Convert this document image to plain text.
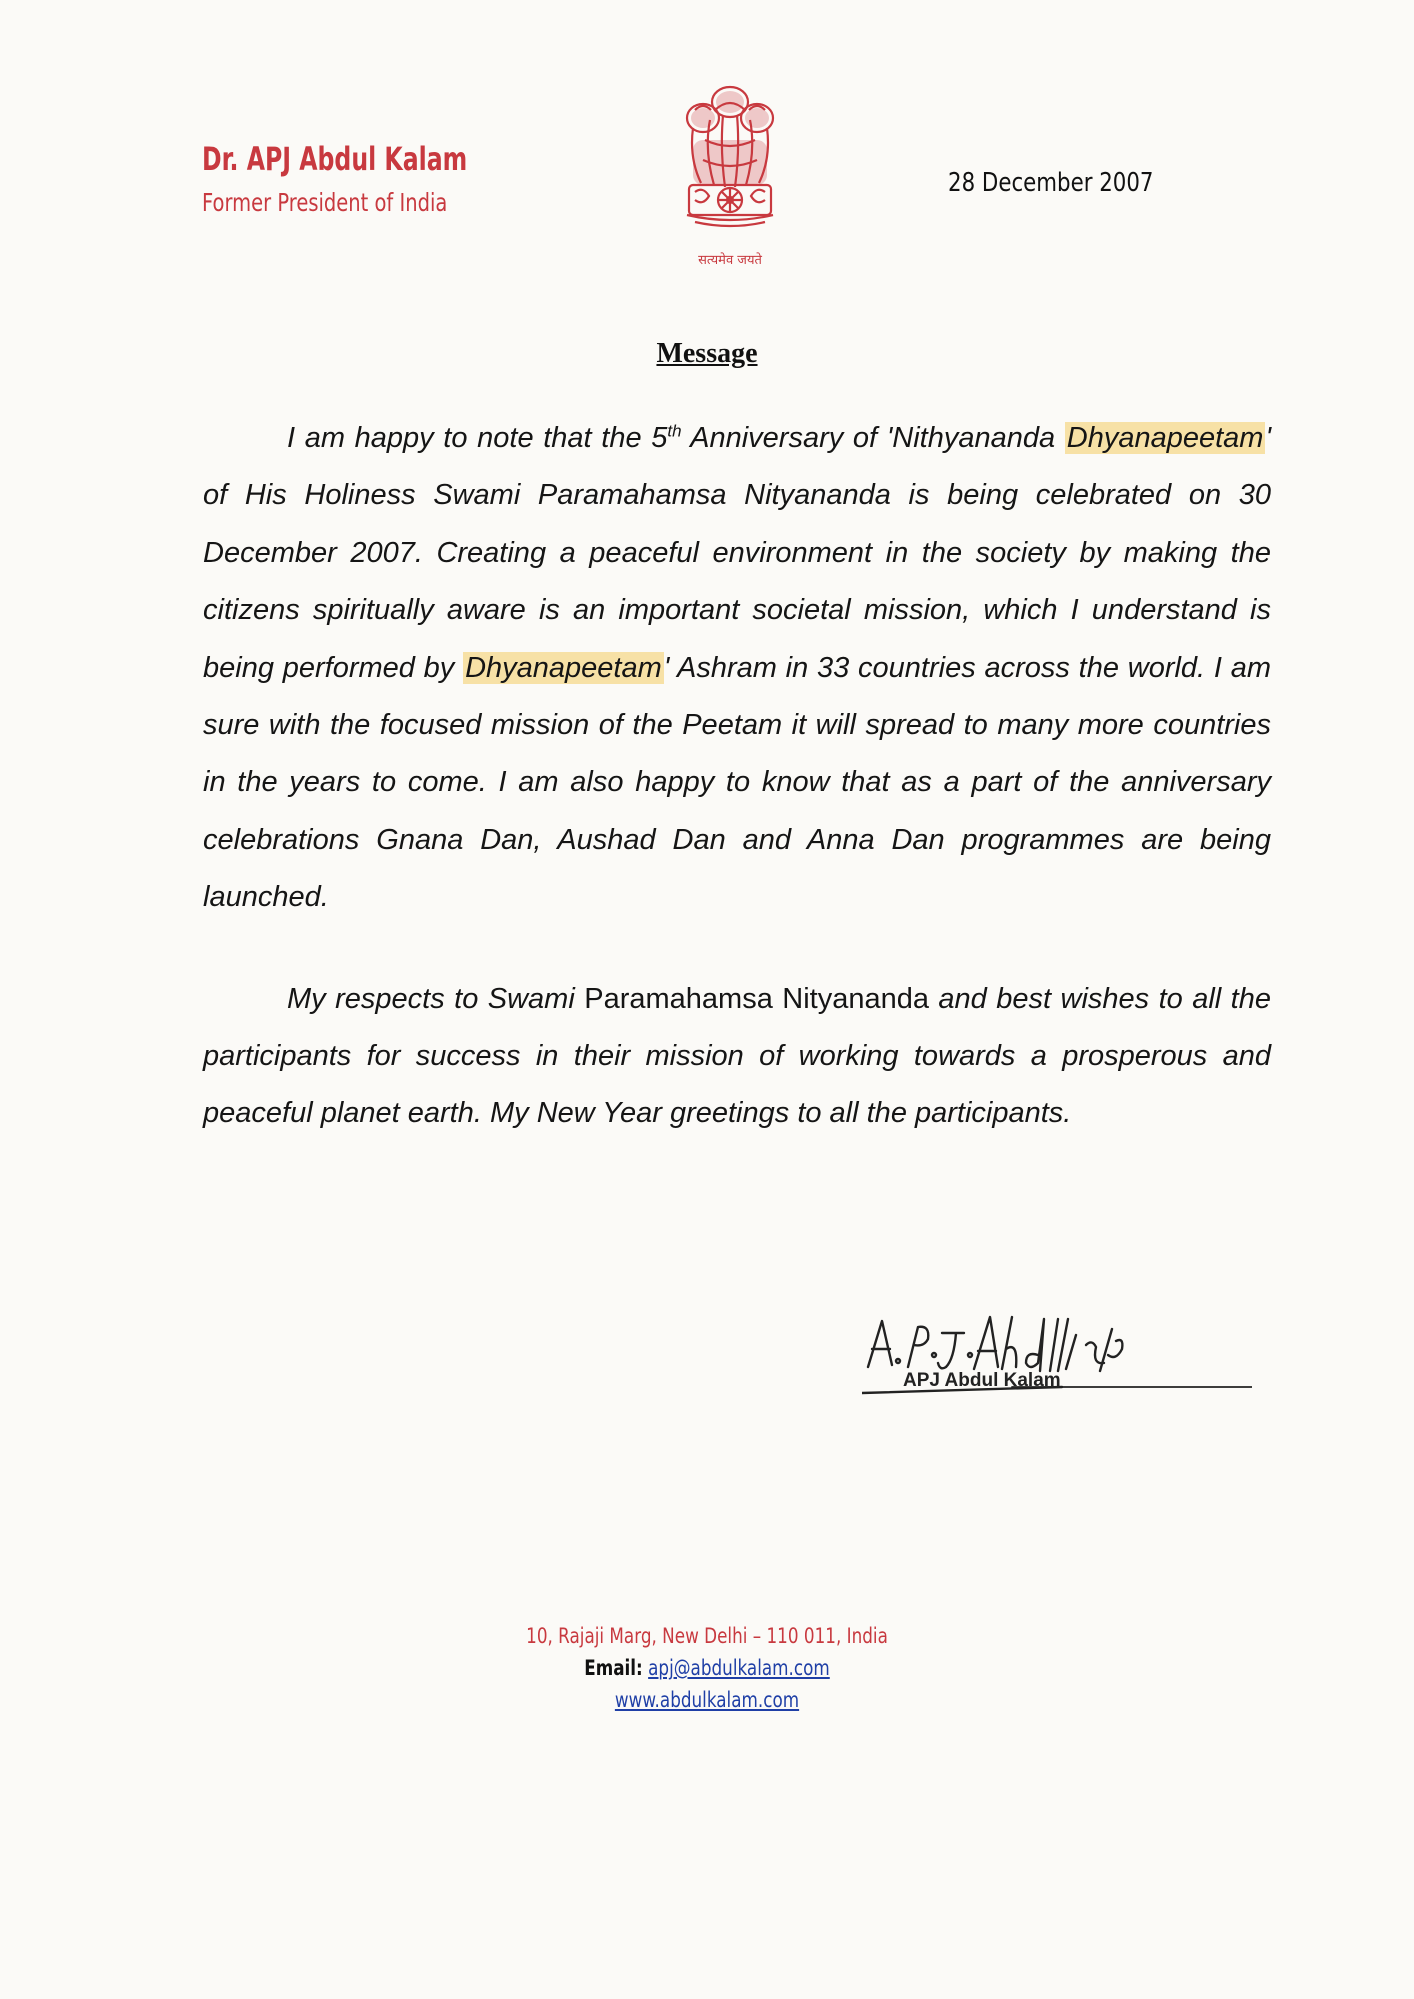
Dr. APJ Abdul Kalam
Former President of India
सत्यमेव जयते
28 December 2007
Message

I am happy to note that the 5th Anniversary of 'Nithyananda Dhyanapeetam' of His Holiness Swami Paramahamsa Nityananda is being celebrated on 30 December 2007. Creating a peaceful environment in the society by making the citizens spiritually aware is an important societal mission, which I understand is being performed by Dhyanapeetam' Ashram in 33 countries across the world. I am sure with the focused mission of the Peetam it will spread to many more countries in the years to come. I am also happy to know that as a part of the anniversary celebrations Gnana Dan, Aushad Dan and Anna Dan programmes are being launched.

My respects to Swami Paramahamsa Nityananda and best wishes to all the participants for success in their mission of working towards a prosperous and peaceful planet earth. My New Year greetings to all the participants.

APJ Abdul Kalam
10, Rajaji Marg, New Delhi – 110 011, India
Email: apj@abdulkalam.com
www.abdulkalam.com
